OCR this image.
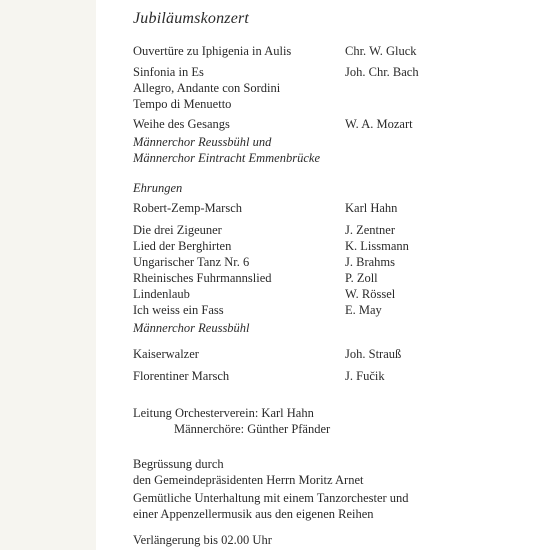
Jubiläumskonzert

Ouvertüre zu Iphigenia in Aulis	Chr. W. Gluck

Sinfonia in Es	Joh. Chr. Bach

Allegro, Andante con Sordini

Tempo di Menuetto

Weihe des Gesangs	W. A. Mozart

Männerchor Reussbühl und

Männerchor Eintracht Emmenbrücke

Ehrungen

Robert-Zemp-Marsch	Karl Hahn

Die drei Zigeuner	J. Zentner

Lied der Berghirten	K. Lissmann

Ungarischer Tanz Nr. 6	J. Brahms

Rheinisches Fuhrmannslied	P. Zoll

Lindenlaub	W. Rössel

Ich weiss ein Fass	E. May

Männerchor Reussbühl

Kaiserwalzer	Joh. Strauß

Florentiner Marsch	J. Fučik

Leitung Orchesterverein: Karl Hahn

Männerchöre: Günther Pfänder

Begrüssung durch

den Gemeindepräsidenten Herrn Moritz Arnet

Gemütliche Unterhaltung mit einem Tanzorchester und

einer Appenzellermusik aus den eigenen Reihen

Verlängerung bis 02.00 Uhr
